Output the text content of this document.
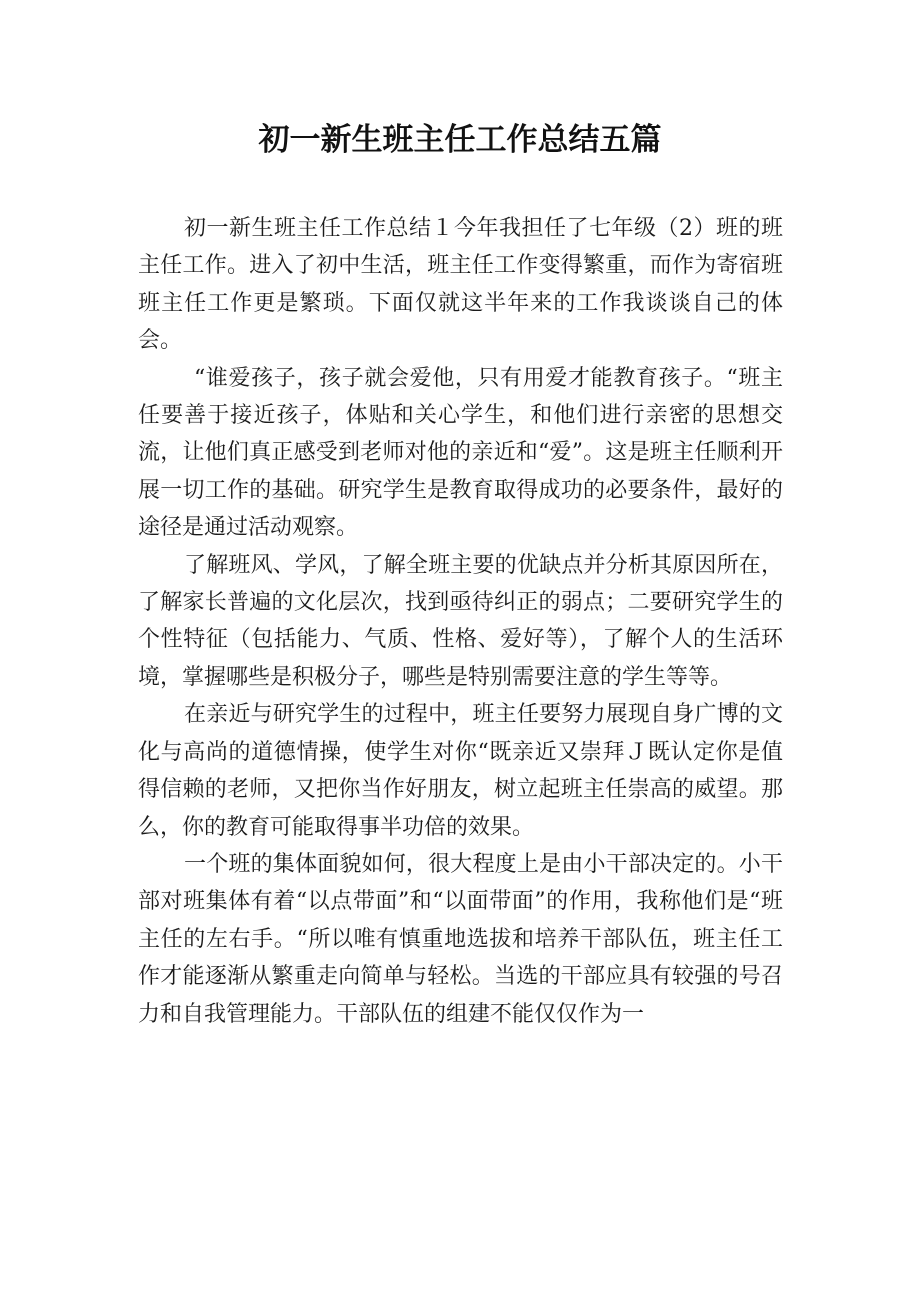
初一新生班主任工作总结五篇

初一新生班主任工作总结１今年我担任了七年级（2）班的班主任工作。进入了初中生活，班主任工作变得繁重，而作为寄宿班班主任工作更是繁琐。下面仅就这半年来的工作我谈谈自己的体会。

“谁爱孩子，孩子就会爱他，只有用爱才能教育孩子。“班主任要善于接近孩子，体贴和关心学生，和他们进行亲密的思想交流，让他们真正感受到老师对他的亲近和“爱”。这是班主任顺利开展一切工作的基础。研究学生是教育取得成功的必要条件，最好的途径是通过活动观察。

了解班风、学风，了解全班主要的优缺点并分析其原因所在，了解家长普遍的文化层次，找到亟待纠正的弱点；二要研究学生的个性特征（包括能力、气质、性格、爱好等），了解个人的生活环境，掌握哪些是积极分子，哪些是特别需要注意的学生等等。

在亲近与研究学生的过程中，班主任要努力展现自身广博的文化与高尚的道德情操，使学生对你“既亲近又崇拜Ｊ既认定你是值得信赖的老师，又把你当作好朋友，树立起班主任崇高的威望。那么，你的教育可能取得事半功倍的效果。

一个班的集体面貌如何，很大程度上是由小干部决定的。小干部对班集体有着“以点带面”和“以面带面”的作用，我称他们是“班主任的左右手。“所以唯有慎重地选拔和培养干部队伍，班主任工作才能逐渐从繁重走向简单与轻松。当选的干部应具有较强的号召力和自我管理能力。干部队伍的组建不能仅仅作为一
